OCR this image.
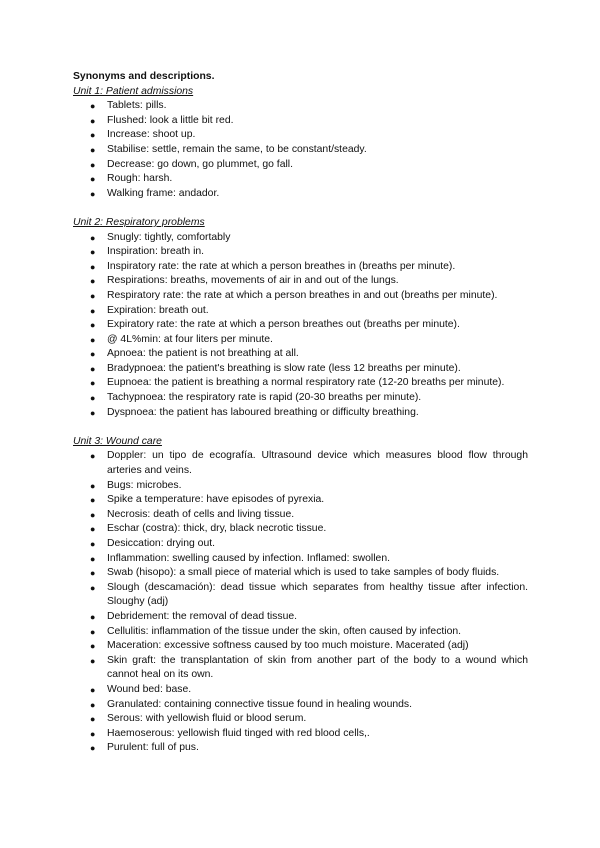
Synonyms and descriptions.

Unit 1: Patient admissions

● Tablets: pills.
● Flushed: look a little bit red.
● Increase: shoot up.
● Stabilise: settle, remain the same, to be constant/steady.
● Decrease: go down, go plummet, go fall.
● Rough: harsh.
● Walking frame: andador.

Unit 2: Respiratory problems

● Snugly: tightly, comfortably
● Inspiration: breath in.
● Inspiratory rate: the rate at which a person breathes in (breaths per minute).
● Respirations: breaths, movements of air in and out of the lungs.
● Respiratory rate: the rate at which a person breathes in and out (breaths per minute).
● Expiration: breath out.
● Expiratory rate: the rate at which a person breathes out (breaths per minute).
● @ 4L%min: at four liters per minute.
● Apnoea: the patient is not breathing at all.
● Bradypnoea: the patient's breathing is slow rate (less 12 breaths per minute).
● Eupnoea: the patient is breathing a normal respiratory rate (12-20 breaths per minute).
● Tachypnoea: the respiratory rate is rapid (20-30 breaths per minute).
● Dyspnoea: the patient has laboured breathing or difficulty breathing.

Unit 3: Wound care

● Doppler: un tipo de ecografía. Ultrasound device which measures blood flow through arteries and veins.
● Bugs: microbes.
● Spike a temperature: have episodes of pyrexia.
● Necrosis: death of cells and living tissue.
● Eschar (costra): thick, dry, black necrotic tissue.
● Desiccation: drying out.
● Inflammation: swelling caused by infection. Inflamed: swollen.
● Swab (hisopo): a small piece of material which is used to take samples of body fluids.
● Slough (descamación): dead tissue which separates from healthy tissue after infection. Sloughy (adj)
● Debridement: the removal of dead tissue.
● Cellulitis: inflammation of the tissue under the skin, often caused by infection.
● Maceration: excessive softness caused by too much moisture. Macerated (adj)
● Skin graft: the transplantation of skin from another part of the body to a wound which cannot heal on its own.
● Wound bed: base.
● Granulated: containing connective tissue found in healing wounds.
● Serous: with yellowish fluid or blood serum.
● Haemoserous: yellowish fluid tinged with red blood cells,.
● Purulent: full of pus.
